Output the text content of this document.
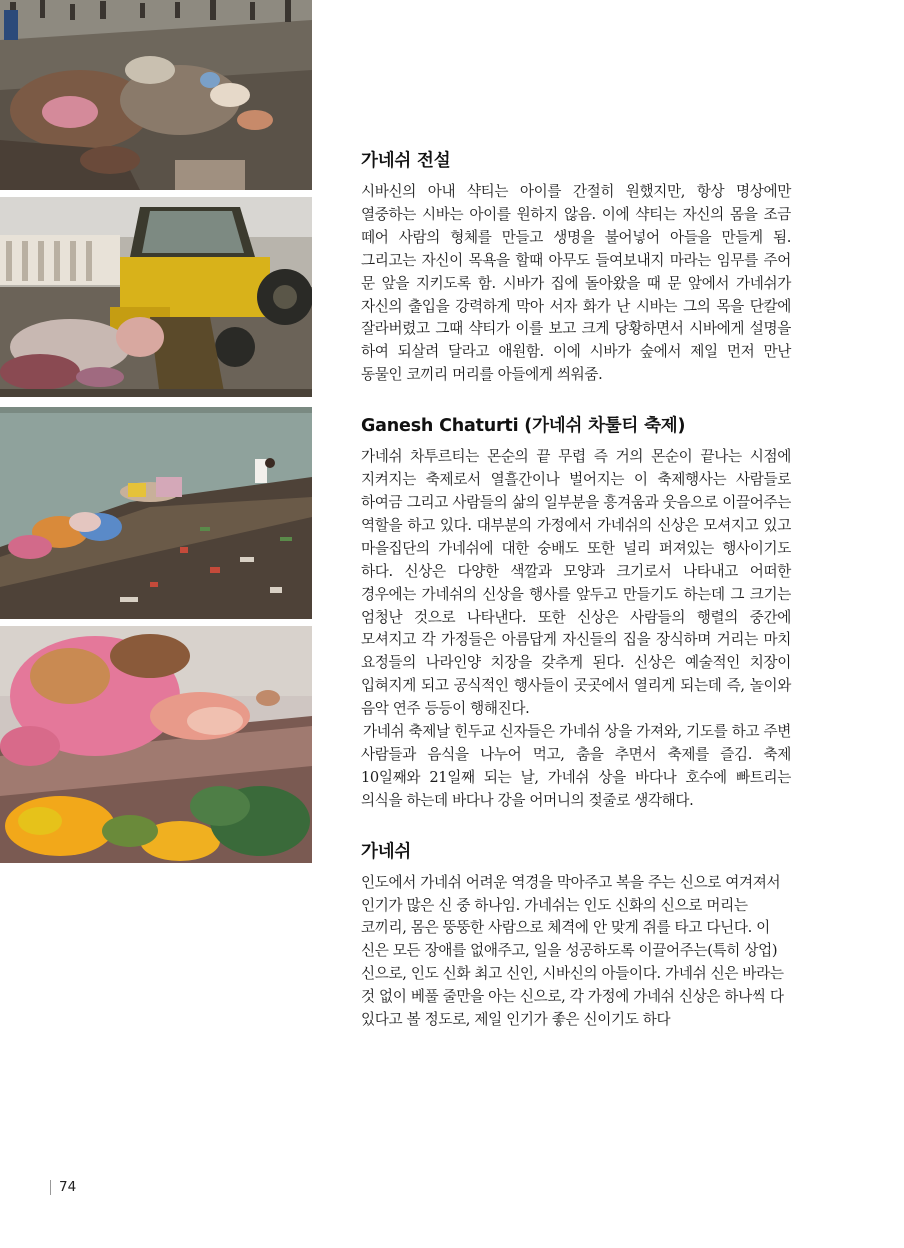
가네쉬 전설

시바신의 아내 샥티는 아이를 간절히 원했지만, 항상 명상에만 열중하는 시바는 아이를 원하지 않음. 이에 샥티는 자신의 몸을 조금 떼어 사람의 형체를 만들고 생명을 불어넣어 아들을 만들게 됨. 그리고는 자신이 목욕을 할때 아무도 들여보내지 마라는 임무를 주어 문 앞을 지키도록 함. 시바가 집에 돌아왔을 때 문 앞에서 가네쉬가 자신의 출입을 강력하게 막아 서자 화가 난 시바는 그의 목을 단칼에 잘라버렸고 그때 샥티가 이를 보고 크게 당황하면서 시바에게 설명을 하여 되살려 달라고 애원함. 이에 시바가 숲에서 제일 먼저 만난 동물인 코끼리 머리를 아들에게 씌워줌.

Ganesh Chaturti (가네쉬 차툴티 축제)

가네쉬 차투르티는 몬순의 끝 무렵 즉 거의 몬순이 끝나는 시점에 지켜지는 축제로서 열흘간이나 벌어지는 이 축제행사는 사람들로 하여금 그리고 사람들의 삶의 일부분을 흥겨움과 웃음으로 이끌어주는 역할을 하고 있다. 대부분의 가정에서 가네쉬의 신상은 모셔지고 있고 마을집단의 가네쉬에 대한 숭배도 또한 널리 퍼져있는 행사이기도 하다. 신상은 다양한 색깔과 모양과 크기로서 나타내고 어떠한 경우에는 가네쉬의 신상을 행사를 앞두고 만들기도 하는데 그 크기는 엄청난 것으로 나타낸다. 또한 신상은 사람들의 행렬의 중간에 모셔지고 각 가정들은 아름답게 자신들의 집을 장식하며 거리는 마치 요정들의 나라인양 치장을 갖추게 된다. 신상은 예술적인 치장이 입혀지게 되고 공식적인 행사들이 곳곳에서 열리게 되는데 즉, 놀이와 음악 연주 등등이 행해진다.

가네쉬 축제날 힌두교 신자들은 가네쉬 상을 가져와, 기도를 하고 주변 사람들과 음식을 나누어 먹고, 춤을 추면서 축제를 즐김. 축제 10일째와 21일째 되는 날, 가네쉬 상을 바다나 호수에 빠트리는 의식을 하는데 바다나 강을 어머니의 젖줄로 생각해다.

가네쉬

인도에서 가네쉬 어려운 역경을 막아주고 복을 주는 신으로 여겨져서 인기가 많은 신 중 하나임. 가네쉬는 인도 신화의 신으로 머리는 코끼리, 몸은 뚱뚱한 사람으로 체격에 안 맞게 쥐를 타고 다닌다. 이 신은 모든 장애를 없애주고, 일을 성공하도록 이끌어주는(특히 상업) 신으로, 인도 신화 최고 신인, 시바신의 아들이다. 가네쉬 신은 바라는 것 없이 베풀 줄만을 아는 신으로, 각 가정에 가네쉬 신상은 하나씩 다 있다고 볼 정도로, 제일 인기가 좋은 신이기도 하다

74
